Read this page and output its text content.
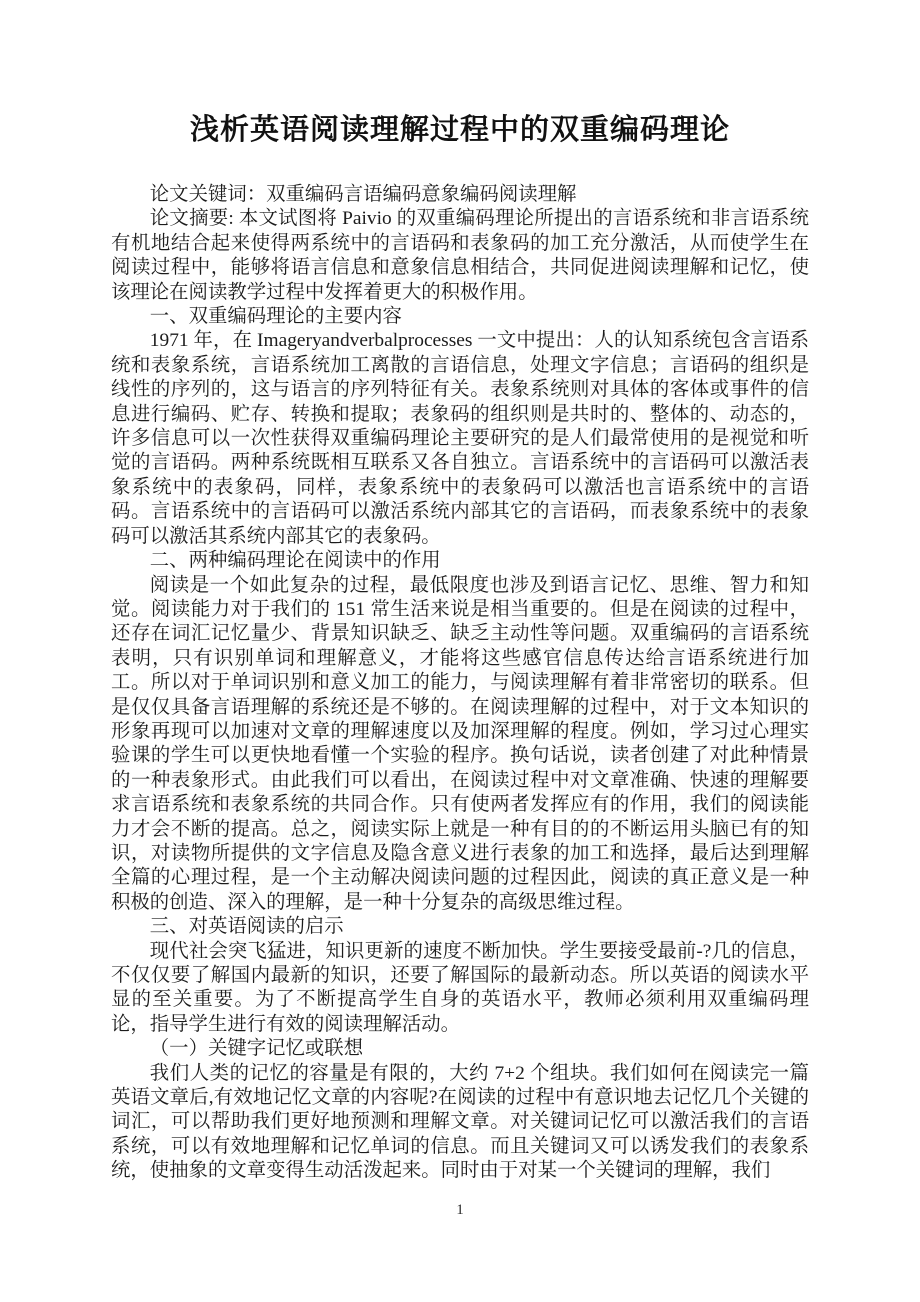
浅析英语阅读理解过程中的双重编码理论

论文关键词：双重编码言语编码意象编码阅读理解

论文摘要: 本文试图将 Paivio 的双重编码理论所提出的言语系统和非言语系统有机地结合起来使得两系统中的言语码和表象码的加工充分激活，从而使学生在阅读过程中，能够将语言信息和意象信息相结合，共同促进阅读理解和记忆，使该理论在阅读教学过程中发挥着更大的积极作用。

一、双重编码理论的主要内容

1971 年，在 Imageryandverbalprocesses 一文中提出：人的认知系统包含言语系统和表象系统，言语系统加工离散的言语信息，处理文字信息；言语码的组织是线性的序列的，这与语言的序列特征有关。表象系统则对具体的客体或事件的信息进行编码、贮存、转换和提取；表象码的组织则是共时的、整体的、动态的，许多信息可以一次性获得双重编码理论主要研究的是人们最常使用的是视觉和听觉的言语码。两种系统既相互联系又各自独立。言语系统中的言语码可以激活表象系统中的表象码，同样，表象系统中的表象码可以激活也言语系统中的言语码。言语系统中的言语码可以激活系统内部其它的言语码，而表象系统中的表象码可以激活其系统内部其它的表象码。

二、两种编码理论在阅读中的作用

阅读是一个如此复杂的过程，最低限度也涉及到语言记忆、思维、智力和知觉。阅读能力对于我们的 151 常生活来说是相当重要的。但是在阅读的过程中，还存在词汇记忆量少、背景知识缺乏、缺乏主动性等问题。双重编码的言语系统表明，只有识别单词和理解意义，才能将这些感官信息传达给言语系统进行加工。所以对于单词识别和意义加工的能力，与阅读理解有着非常密切的联系。但是仅仅具备言语理解的系统还是不够的。在阅读理解的过程中，对于文本知识的形象再现可以加速对文章的理解速度以及加深理解的程度。例如，学习过心理实验课的学生可以更快地看懂一个实验的程序。换句话说，读者创建了对此种情景的一种表象形式。由此我们可以看出，在阅读过程中对文章准确、快速的理解要求言语系统和表象系统的共同合作。只有使两者发挥应有的作用，我们的阅读能力才会不断的提高。总之，阅读实际上就是一种有目的的不断运用头脑已有的知识，对读物所提供的文字信息及隐含意义进行表象的加工和选择，最后达到理解全篇的心理过程，是一个主动解决阅读问题的过程因此，阅读的真正意义是一种积极的创造、深入的理解，是一种十分复杂的高级思维过程。

三、对英语阅读的启示

现代社会突飞猛进，知识更新的速度不断加快。学生要接受最前-?几的信息，不仅仅要了解国内最新的知识，还要了解国际的最新动态。所以英语的阅读水平显的至关重要。为了不断提高学生自身的英语水平，教师必须利用双重编码理论，指导学生进行有效的阅读理解活动。

（一）关键字记忆或联想

我们人类的记忆的容量是有限的，大约 7+2 个组块。我们如何在阅读完一篇英语文章后,有效地记忆文章的内容呢?在阅读的过程中有意识地去记忆几个关键的词汇，可以帮助我们更好地预测和理解文章。对关键词记忆可以激活我们的言语系统，可以有效地理解和记忆单词的信息。而且关键词又可以诱发我们的表象系统，使抽象的文章变得生动活泼起来。同时由于对某一个关键词的理解，我们

1
